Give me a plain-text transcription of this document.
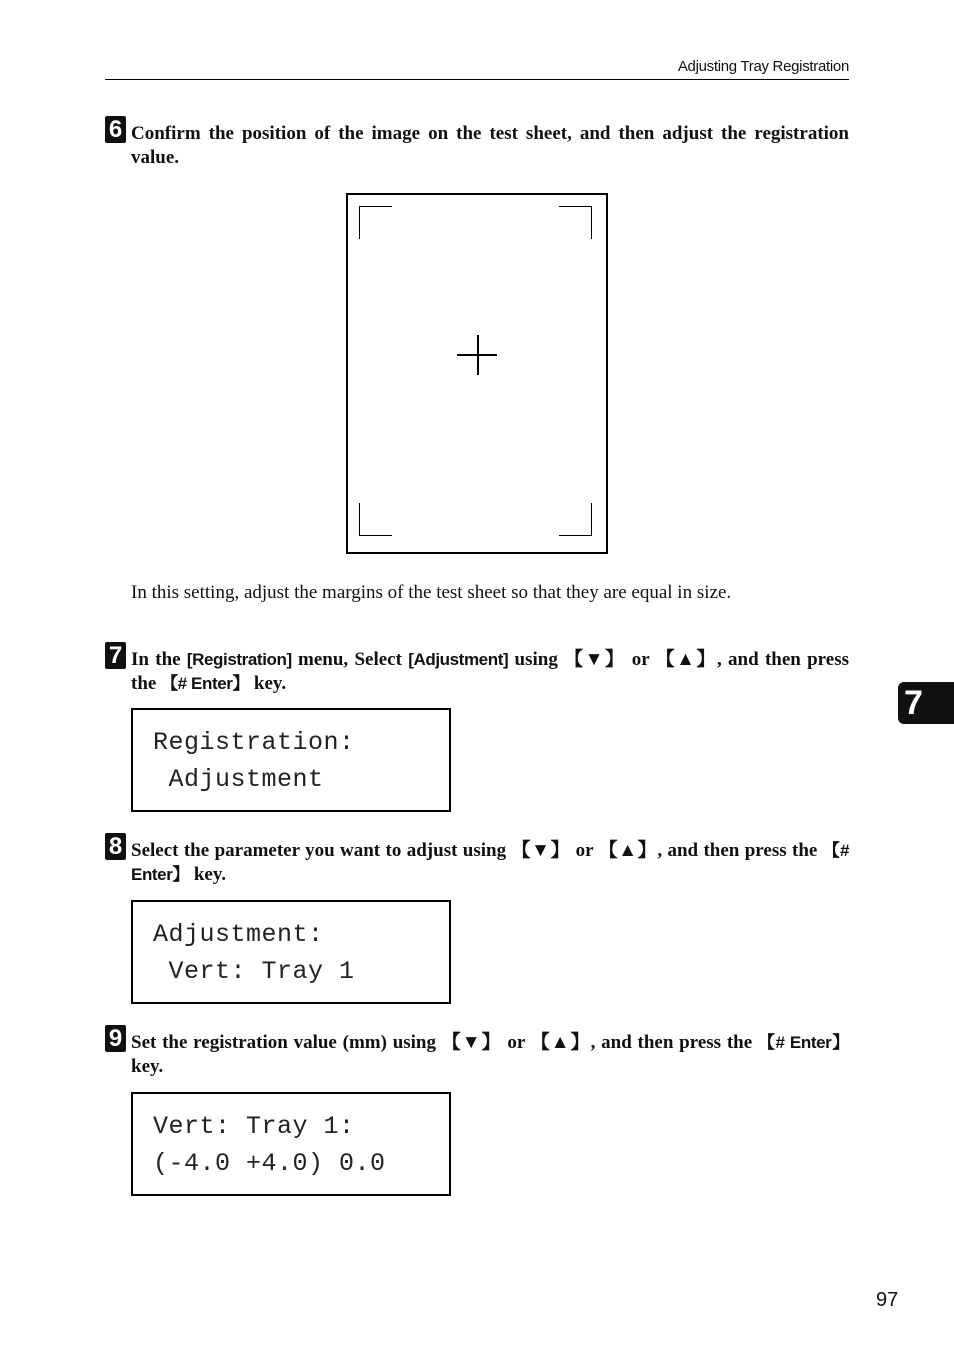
Adjusting Tray Registration
6 Confirm the position of the image on the test sheet, and then adjust the registration value.
In this setting, adjust the margins of the test sheet so that they are equal in size.
7 In the [Registration] menu, Select [Adjustment] using 【▼】 or 【▲】, and then press the 【# Enter】 key.
Registration:
Adjustment
8 Select the parameter you want to adjust using 【▼】 or 【▲】, and then press the 【# Enter】 key.
Adjustment:
Vert: Tray 1
9 Set the registration value (mm) using 【▼】 or 【▲】, and then press the 【# Enter】 key.
Vert: Tray 1:
(-4.0 +4.0) 0.0
7
97
